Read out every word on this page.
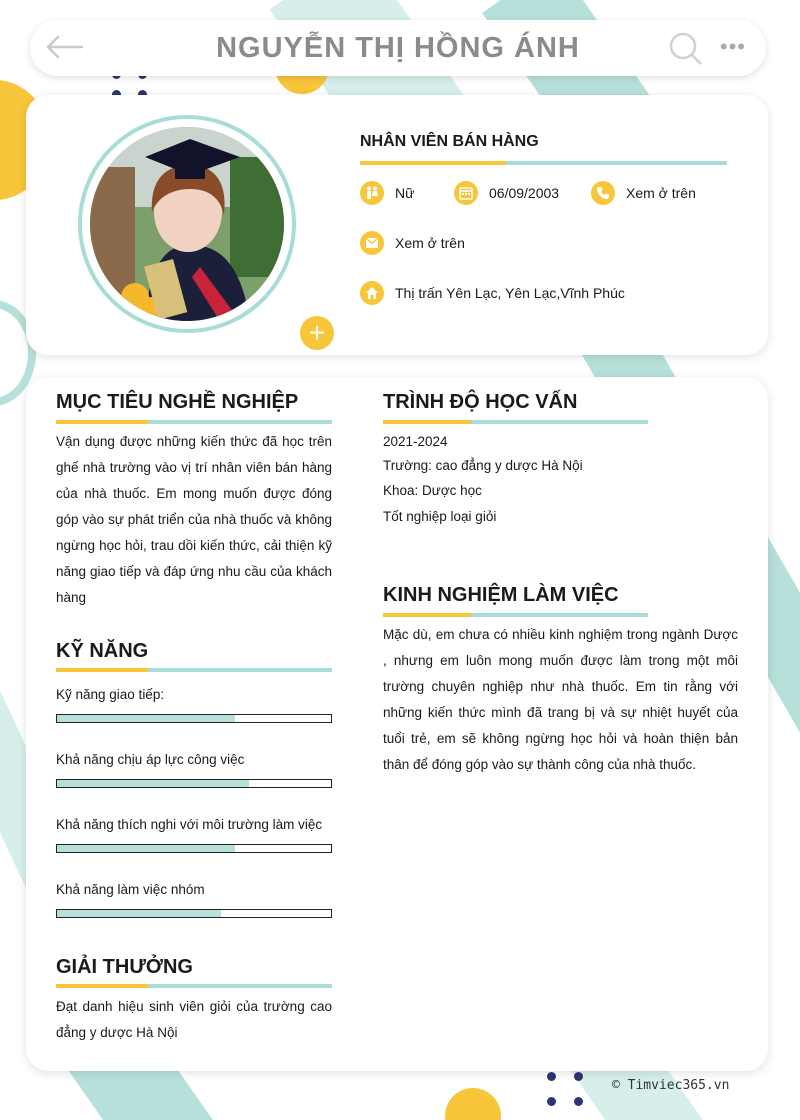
NGUYỄN THỊ HỒNG ÁNH	•••
+
NHÂN VIÊN BÁN HÀNG
Nữ	06/09/2003	Xem ở trên
Xem ở trên
Thị trấn Yên Lạc, Yên Lạc,Vĩnh Phúc
MỤC TIÊU NGHỀ NGHIỆP
Vận dụng được những kiến thức đã học trên ghế nhà trường vào vị trí nhân viên bán hàng của nhà thuốc. Em mong muốn được đóng góp vào sự phát triển của nhà thuốc và không ngừng học hỏi, trau dồi kiến thức, cải thiện kỹ năng giao tiếp và đáp ứng nhu cầu của khách hàng
KỸ NĂNG
Kỹ năng giao tiếp:
Khả năng chịu áp lực công việc
Khả năng thích nghi với môi trường làm việc
Khả năng làm việc nhóm
GIẢI THƯỞNG
Đạt danh hiệu sinh viên giỏi của trường cao đẳng y dược Hà Nội
TRÌNH ĐỘ HỌC VẤN
2021-2024
Trường: cao đẳng y dược Hà Nội
Khoa: Dược học
Tốt nghiệp loại giỏi
KINH NGHIỆM LÀM VIỆC
Mặc dù, em chưa có nhiều kinh nghiệm trong ngành Dược , nhưng em luôn mong muốn được làm trong một môi trường chuyên nghiệp như nhà thuốc. Em tin rằng với những kiến thức mình đã trang bị và sự nhiệt huyết của tuổi trẻ, em sẽ không ngừng học hỏi và hoàn thiện bản thân để đóng góp vào sự thành công của nhà thuốc.
© Timviec365.vn
